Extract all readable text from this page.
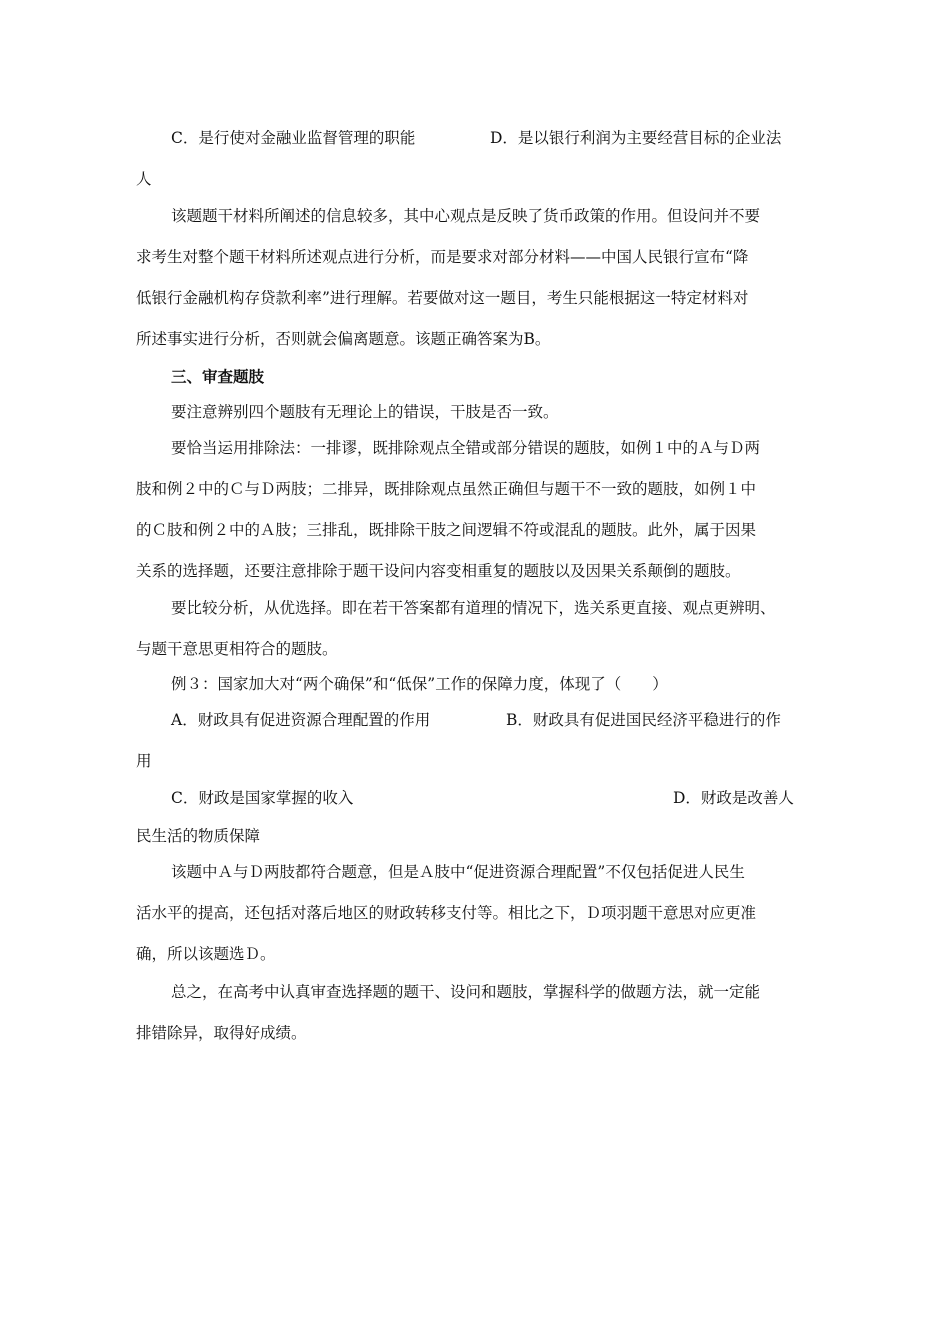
C．是行使对金融业监督管理的职能	D．是以银行利润为主要经营目标的企业法
人
该题题干材料所阐述的信息较多，其中心观点是反映了货币政策的作用。但设问并不要
求考生对整个题干材料所述观点进行分析，而是要求对部分材料——中国人民银行宣布“降
低银行金融机构存贷款利率”进行理解。若要做对这一题目，考生只能根据这一特定材料对
所述事实进行分析，否则就会偏离题意。该题正确答案为B。
三、审查题肢
要注意辨别四个题肢有无理论上的错误，干肢是否一致。
要恰当运用排除法：一排谬，既排除观点全错或部分错误的题肢，如例１中的Ａ与Ｄ两
肢和例２中的Ｃ与Ｄ两肢；二排异，既排除观点虽然正确但与题干不一致的题肢，如例１中
的Ｃ肢和例２中的Ａ肢；三排乱，既排除干肢之间逻辑不符或混乱的题肢。此外，属于因果
关系的选择题，还要注意排除于题干设问内容变相重复的题肢以及因果关系颠倒的题肢。
要比较分析，从优选择。即在若干答案都有道理的情况下，选关系更直接、观点更辨明、
与题干意思更相符合的题肢。
例３：国家加大对“两个确保”和“低保”工作的保障力度，体现了（　　）
A．财政具有促进资源合理配置的作用	B．财政具有促进国民经济平稳进行的作
用
C．财政是国家掌握的收入	D．财政是改善人
民生活的物质保障
该题中Ａ与Ｄ两肢都符合题意，但是Ａ肢中“促进资源合理配置”不仅包括促进人民生
活水平的提高，还包括对落后地区的财政转移支付等。相比之下，Ｄ项羽题干意思对应更准
确，所以该题选Ｄ。
总之，在高考中认真审查选择题的题干、设问和题肢，掌握科学的做题方法，就一定能
排错除异，取得好成绩。
